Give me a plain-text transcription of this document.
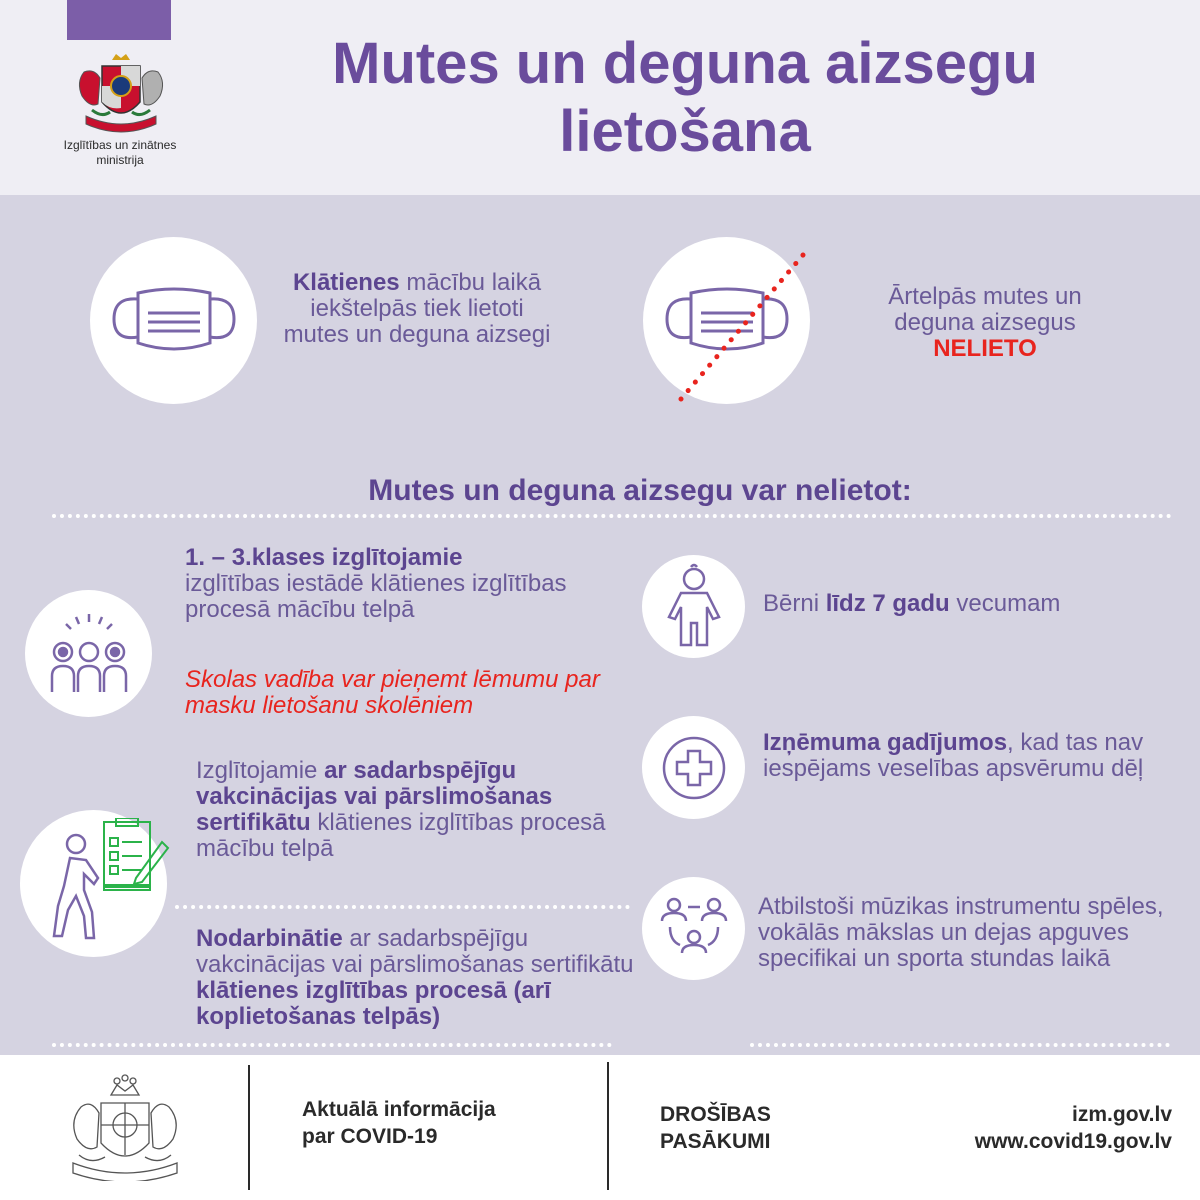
Izglītības un zinātnes
ministrija
Mutes un deguna aizsegu
lietošana
Klātienes mācību laikā iekštelpās tiek lietoti mutes un deguna aizsegi
Ārtelpās mutes un
deguna aizsegus
NELIETO
Mutes un deguna aizsegu var nelietot:
1. – 3.klases izglītojamie
izglītības iestādē klātienes izglītības procesā mācību telpā
Skolas vadība var pieņemt lēmumu par masku lietošanu skolēniem
Izglītojamie ar sadarbspējīgu vakcinācijas vai pārslimošanas sertifikātu klātienes izglītības procesā mācību telpā
Nodarbinātie ar sadarbspējīgu vakcinācijas vai pārslimošanas sertifikātu klātienes izglītības procesā (arī koplietošanas telpās)
Bērni līdz 7 gadu vecumam
Izņēmuma gadījumos, kad tas nav iespējams veselības apsvērumu dēļ
Atbilstoši mūzikas instrumentu spēles, vokālās mākslas un dejas apguves specifikai un sporta stundas laikā
Aktuālā informācija
par COVID-19
DROŠĪBAS
PASĀKUMI
izm.gov.lv
www.covid19.gov.lv
